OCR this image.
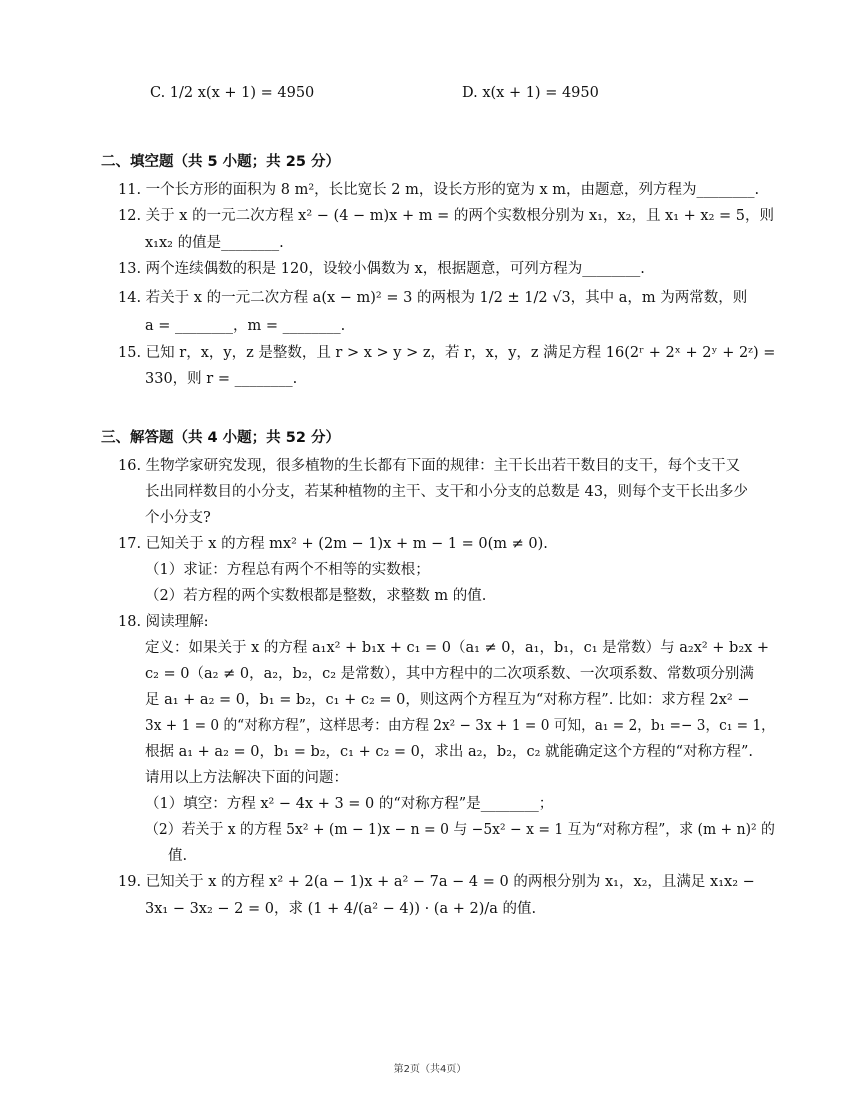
C. 1/2 x(x + 1) = 4950	D. x(x + 1) = 4950
二、填空题（共 5 小题；共 25 分）
11. 一个长方形的面积为 8 m²，长比宽长 2 m，设长方形的宽为 x m，由题意，列方程为________.
12. 关于 x 的一元二次方程 x² − (4 − m)x + m = 的两个实数根分别为 x₁，x₂，且 x₁ + x₂ = 5，则
x₁x₂ 的值是________.
13. 两个连续偶数的积是 120，设较小偶数为 x，根据题意，可列方程为________.
14. 若关于 x 的一元二次方程 a(x − m)² = 3 的两根为 1/2 ± 1/2 √3，其中 a，m 为两常数，则
a = ________，m = ________.
15. 已知 r，x，y，z 是整数，且 r > x > y > z，若 r，x，y，z 满足方程 16(2ʳ + 2ˣ + 2ʸ + 2ᶻ) =
330，则 r = ________.
三、解答题（共 4 小题；共 52 分）
16. 生物学家研究发现，很多植物的生长都有下面的规律：主干长出若干数目的支干，每个支干又
长出同样数目的小分支，若某种植物的主干、支干和小分支的总数是 43，则每个支干长出多少
个小分支?
17. 已知关于 x 的方程 mx² + (2m − 1)x + m − 1 = 0(m ≠ 0).
（1）求证：方程总有两个不相等的实数根；
（2）若方程的两个实数根都是整数，求整数 m 的值.
18. 阅读理解:
定义：如果关于 x 的方程 a₁x² + b₁x + c₁ = 0（a₁ ≠ 0，a₁，b₁，c₁ 是常数）与 a₂x² + b₂x +
c₂ = 0（a₂ ≠ 0，a₂，b₂，c₂ 是常数），其中方程中的二次项系数、一次项系数、常数项分别满
足 a₁ + a₂ = 0，b₁ = b₂，c₁ + c₂ = 0，则这两个方程互为“对称方程”. 比如：求方程 2x² −
3x + 1 = 0 的“对称方程”，这样思考：由方程 2x² − 3x + 1 = 0 可知，a₁ = 2，b₁ =− 3，c₁ = 1，
根据 a₁ + a₂ = 0，b₁ = b₂，c₁ + c₂ = 0，求出 a₂，b₂，c₂ 就能确定这个方程的“对称方程”.
请用以上方法解决下面的问题：
（1）填空：方程 x² − 4x + 3 = 0 的“对称方程”是________；
（2）若关于 x 的方程 5x² + (m − 1)x − n = 0 与 −5x² − x = 1 互为“对称方程”，求 (m + n)² 的
值.
19. 已知关于 x 的方程 x² + 2(a − 1)x + a² − 7a − 4 = 0 的两根分别为 x₁，x₂，且满足 x₁x₂ −
3x₁ − 3x₂ − 2 = 0，求 (1 + 4/(a² − 4)) · (a + 2)/a 的值.
第2页（共4页）
